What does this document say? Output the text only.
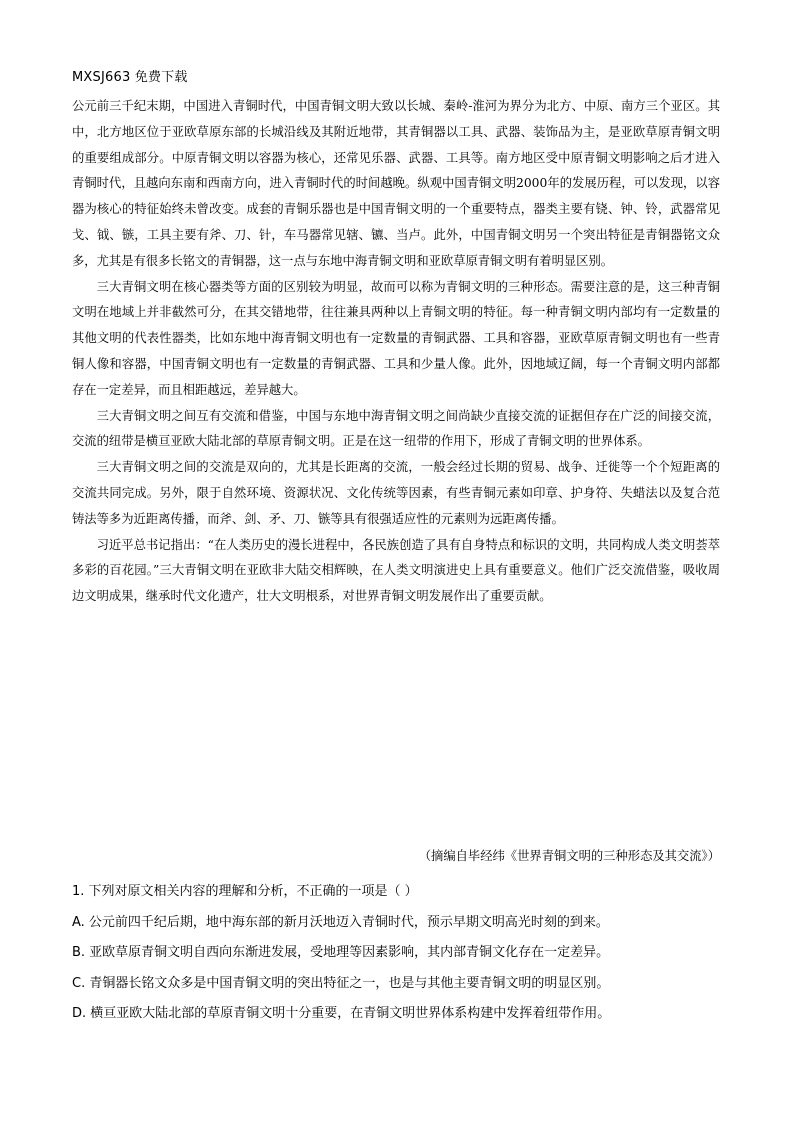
MXSJ663 免费下载

公元前三千纪末期，中国进入青铜时代，中国青铜文明大致以长城、秦岭-淮河为界分为北方、中原、南方三个亚区。其中，北方地区位于亚欧草原东部的长城沿线及其附近地带，其青铜器以工具、武器、装饰品为主，是亚欧草原青铜文明的重要组成部分。中原青铜文明以容器为核心，还常见乐器、武器、工具等。南方地区受中原青铜文明影响之后才进入青铜时代，且越向东南和西南方向，进入青铜时代的时间越晚。纵观中国青铜文明2000年的发展历程，可以发现，以容器为核心的特征始终未曾改变。成套的青铜乐器也是中国青铜文明的一个重要特点，器类主要有铙、钟、铃，武器常见戈、钺、镞，工具主要有斧、刀、针，车马器常见辖、镳、当卢。此外，中国青铜文明另一个突出特征是青铜器铭文众多，尤其是有很多长铭文的青铜器，这一点与东地中海青铜文明和亚欧草原青铜文明有着明显区别。

三大青铜文明在核心器类等方面的区别较为明显，故而可以称为青铜文明的三种形态。需要注意的是，这三种青铜文明在地域上并非截然可分，在其交错地带，往往兼具两种以上青铜文明的特征。每一种青铜文明内部均有一定数量的其他文明的代表性器类，比如东地中海青铜文明也有一定数量的青铜武器、工具和容器，亚欧草原青铜文明也有一些青铜人像和容器，中国青铜文明也有一定数量的青铜武器、工具和少量人像。此外，因地域辽阔，每一个青铜文明内部都存在一定差异，而且相距越远，差异越大。

三大青铜文明之间互有交流和借鉴，中国与东地中海青铜文明之间尚缺少直接交流的证据但存在广泛的间接交流，交流的纽带是横亘亚欧大陆北部的草原青铜文明。正是在这一纽带的作用下，形成了青铜文明的世界体系。

三大青铜文明之间的交流是双向的，尤其是长距离的交流，一般会经过长期的贸易、战争、迁徙等一个个短距离的交流共同完成。另外，限于自然环境、资源状况、文化传统等因素，有些青铜元素如印章、护身符、失蜡法以及复合范铸法等多为近距离传播，而斧、剑、矛、刀、镞等具有很强适应性的元素则为远距离传播。

习近平总书记指出：“在人类历史的漫长进程中，各民族创造了具有自身特点和标识的文明，共同构成人类文明荟萃多彩的百花园。”三大青铜文明在亚欧非大陆交相辉映，在人类文明演进史上具有重要意义。他们广泛交流借鉴，吸收周边文明成果，继承时代文化遗产，壮大文明根系，对世界青铜文明发展作出了重要贡献。

（摘编自毕经纬《世界青铜文明的三种形态及其交流》）
1. 下列对原文相关内容的理解和分析，不正确的一项是（ ）
A. 公元前四千纪后期，地中海东部的新月沃地迈入青铜时代，预示早期文明高光时刻的到来。
B. 亚欧草原青铜文明自西向东渐进发展，受地理等因素影响，其内部青铜文化存在一定差异。
C. 青铜器长铭文众多是中国青铜文明的突出特征之一，也是与其他主要青铜文明的明显区别。
D. 横亘亚欧大陆北部的草原青铜文明十分重要，在青铜文明世界体系构建中发挥着纽带作用。
